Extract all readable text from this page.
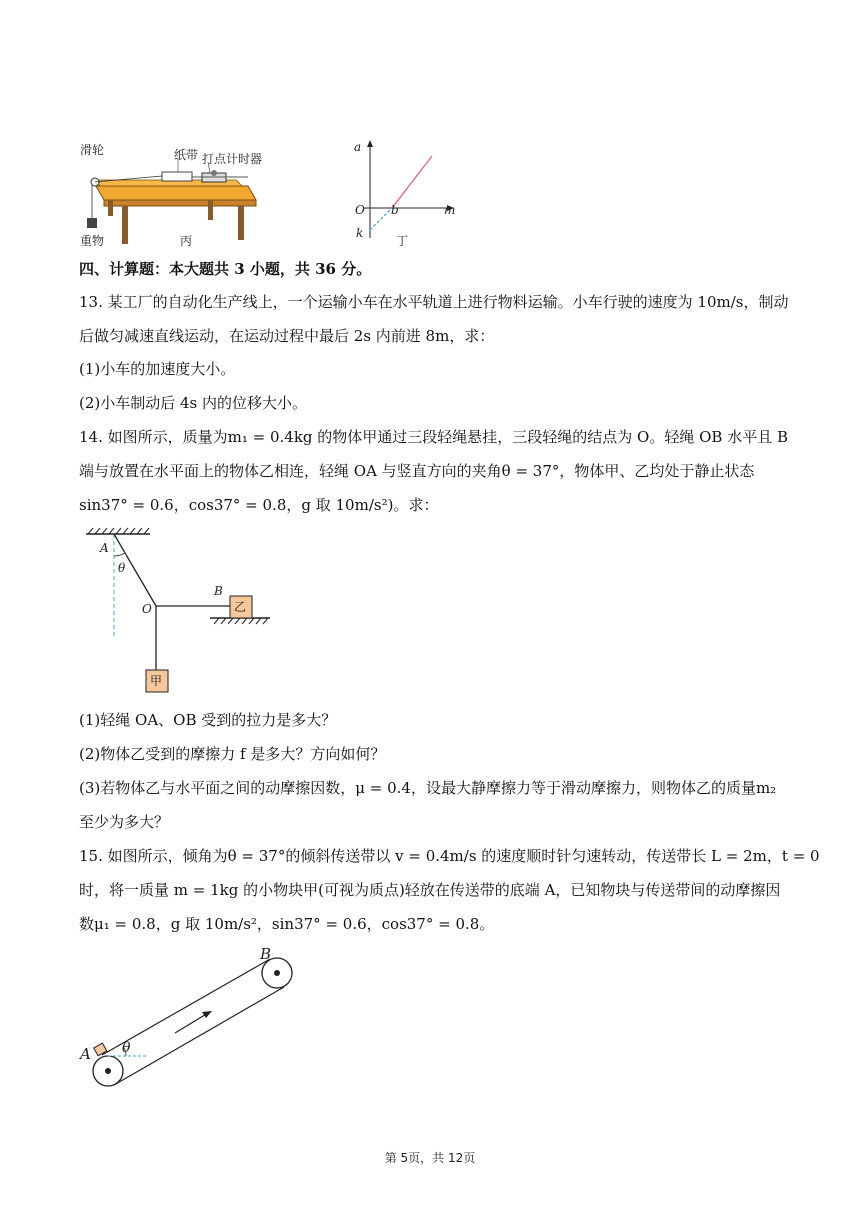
滑轮	纸带 打点计时器
重物	丙
a
m
O b
k
丁
四、计算题：本大题共 3 小题，共 36 分。
13. 某工厂的自动化生产线上，一个运输小车在水平轨道上进行物料运输。小车行驶的速度为 10m/s，制动
后做匀减速直线运动，在运动过程中最后 2s 内前进 8m，求：
(1)小车的加速度大小。
(2)小车制动后 4s 内的位移大小。
14. 如图所示，质量为m₁ = 0.4kg 的物体甲通过三段轻绳悬挂，三段轻绳的结点为 O。轻绳 OB 水平且 B
端与放置在水平面上的物体乙相连，轻绳 OA 与竖直方向的夹角θ = 37°，物体甲、乙均处于静止状态
sin37° = 0.6，cos37° = 0.8，g 取 10m/s²)。求：
A
θ
O
B
乙
甲
(1)轻绳 OA、OB 受到的拉力是多大？
(2)物体乙受到的摩擦力 f 是多大？方向如何？
(3)若物体乙与水平面之间的动摩擦因数，μ = 0.4，设最大静摩擦力等于滑动摩擦力，则物体乙的质量m₂
至少为多大？
15. 如图所示，倾角为θ = 37°的倾斜传送带以 v = 0.4m/s 的速度顺时针匀速转动，传送带长 L = 2m，t = 0
时，将一质量 m = 1kg 的小物块甲(可视为质点)轻放在传送带的底端 A，已知物块与传送带间的动摩擦因
数μ₁ = 0.8，g 取 10m/s²，sin37° = 0.6，cos37° = 0.8。
A
B
θ
第 5页，共 12页
